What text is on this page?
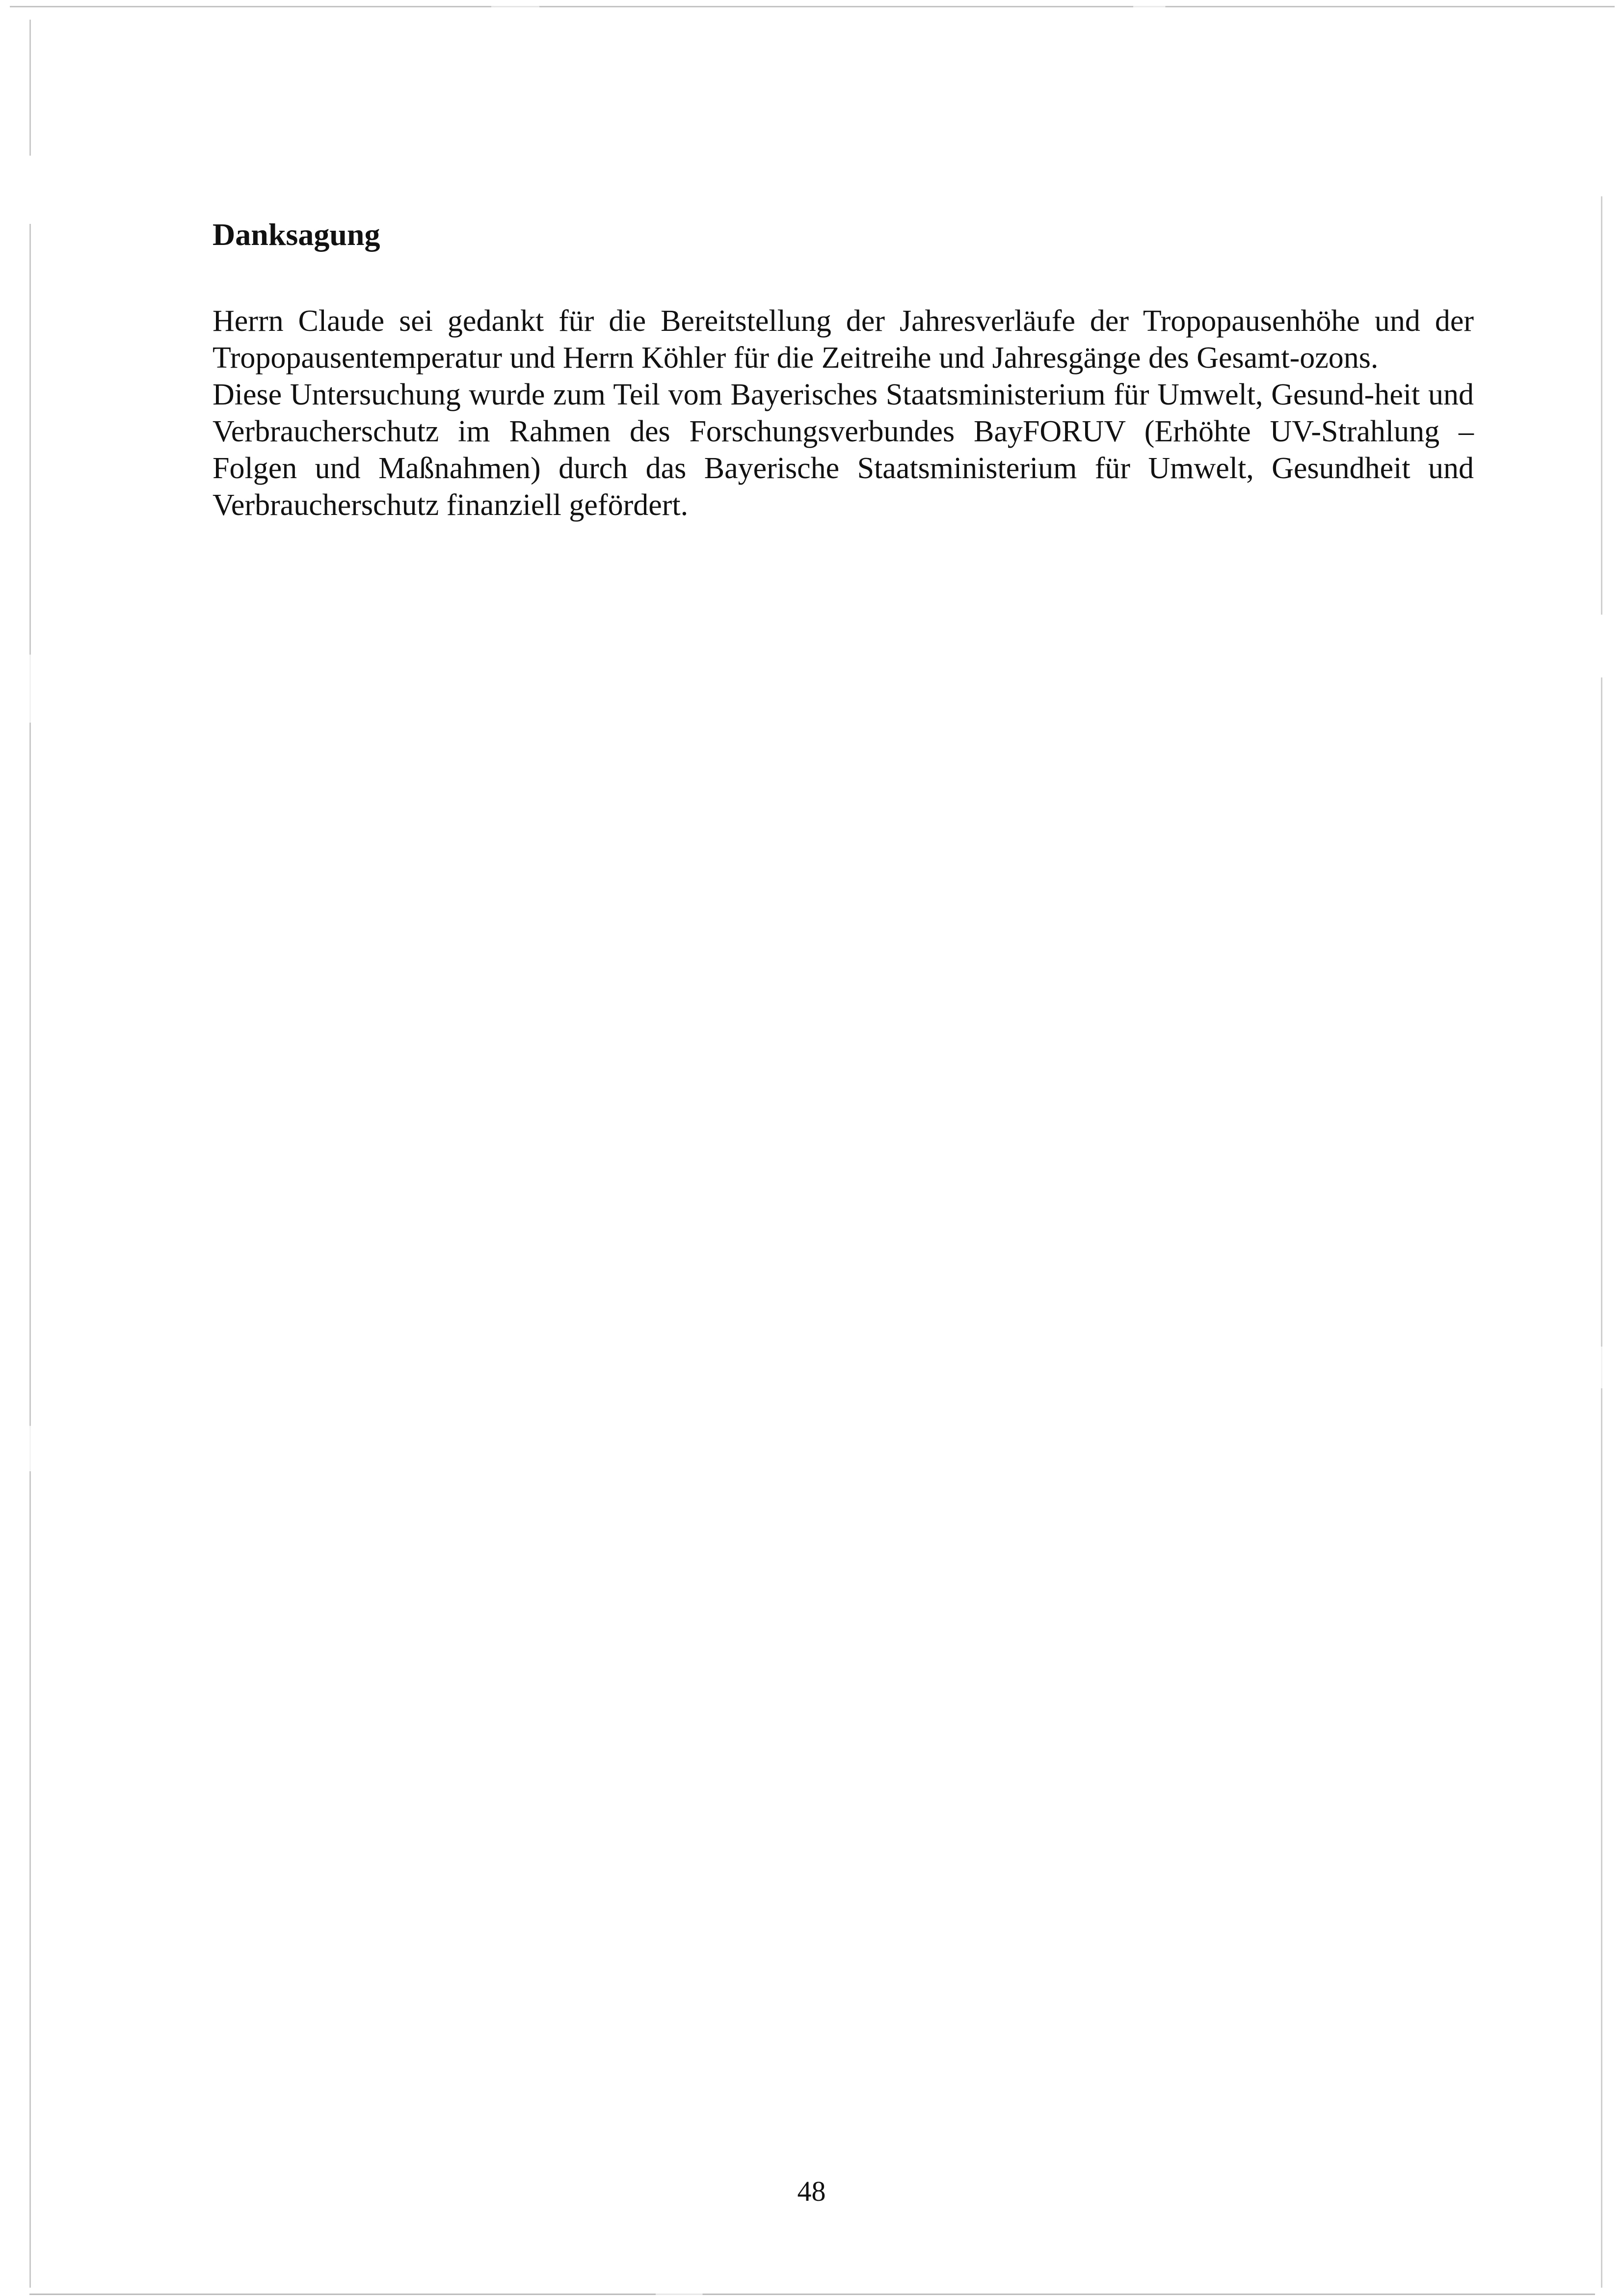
Danksagung

Herrn Claude sei gedankt für die Bereitstellung der Jahresverläufe der Tropopausenhöhe und der Tropopausentemperatur und Herrn Köhler für die Zeitreihe und Jahresgänge des Gesamt-ozons.

Diese Untersuchung wurde zum Teil vom Bayerisches Staatsministerium für Umwelt, Gesund-heit und Verbraucherschutz im Rahmen des Forschungsverbundes BayFORUV (Erhöhte UV-Strahlung – Folgen und Maßnahmen) durch das Bayerische Staatsministerium für Umwelt, Gesundheit und Verbraucherschutz finanziell gefördert.

48
